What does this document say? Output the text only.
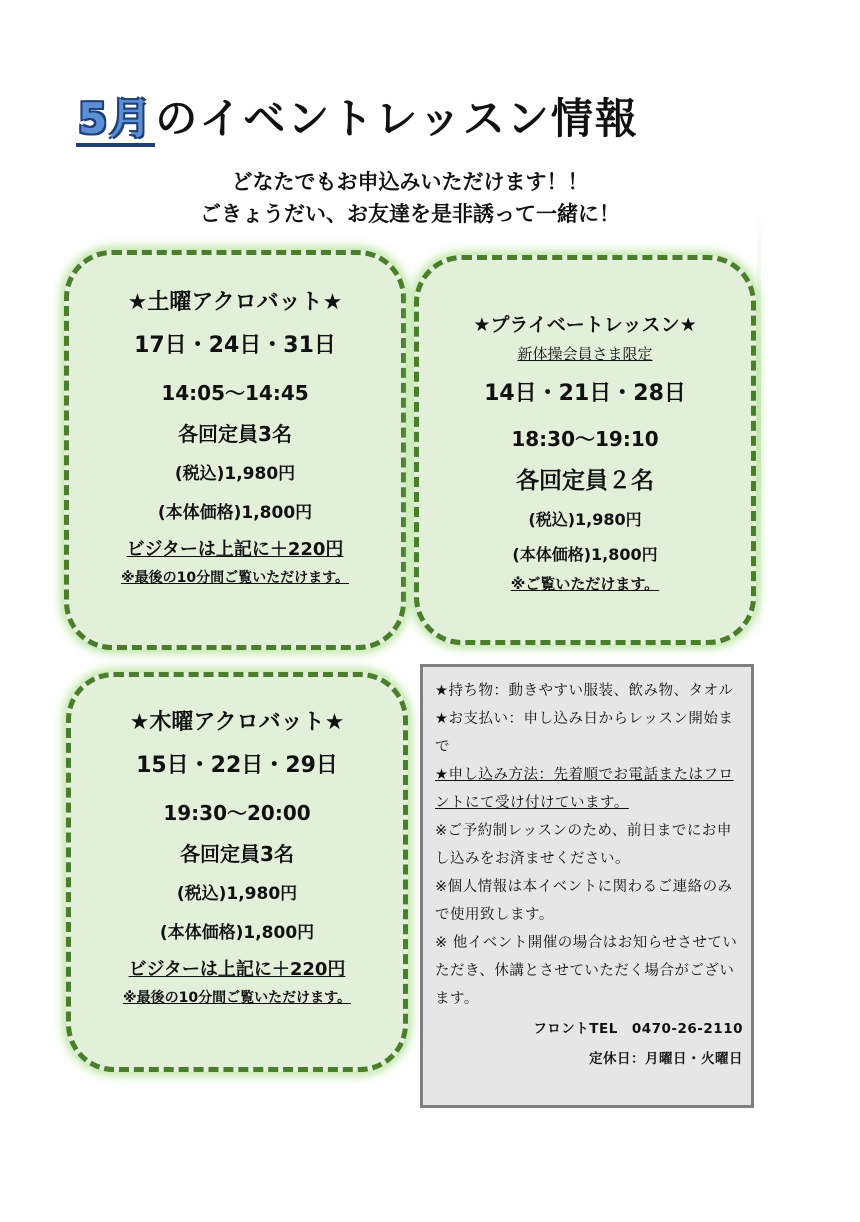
5月のイベントレッスン情報
どなたでもお申込みいただけます！！
ごきょうだい、お友達を是非誘って一緒に！
★土曜アクロバット★
17日・24日・31日
14:05～14:45
各回定員3名
(税込)1,980円
(本体価格)1,800円
ビジターは上記に＋220円
※最後の10分間ご覧いただけます。
★プライベートレッスン★
新体操会員さま限定
14日・21日・28日
18:30～19:10
各回定員２名
(税込)1,980円
(本体価格)1,800円
※ご覧いただけます。
★木曜アクロバット★
15日・22日・29日
19:30～20:00
各回定員3名
(税込)1,980円
(本体価格)1,800円
ビジターは上記に＋220円
※最後の10分間ご覧いただけます。

★持ち物：動きやすい服装、飲み物、タオル

★お支払い：申し込み日からレッスン開始まで

★申し込み方法：先着順でお電話またはフロントにて受け付けています。

※ご予約制レッスンのため、前日までにお申し込みをお済ませください。

※個人情報は本イベントに関わるご連絡のみで使用致します。

※ 他イベント開催の場合はお知らせさせていただき、休講とさせていただく場合がございます。

フロントTEL　0470-26-2110
定休日：月曜日・火曜日
